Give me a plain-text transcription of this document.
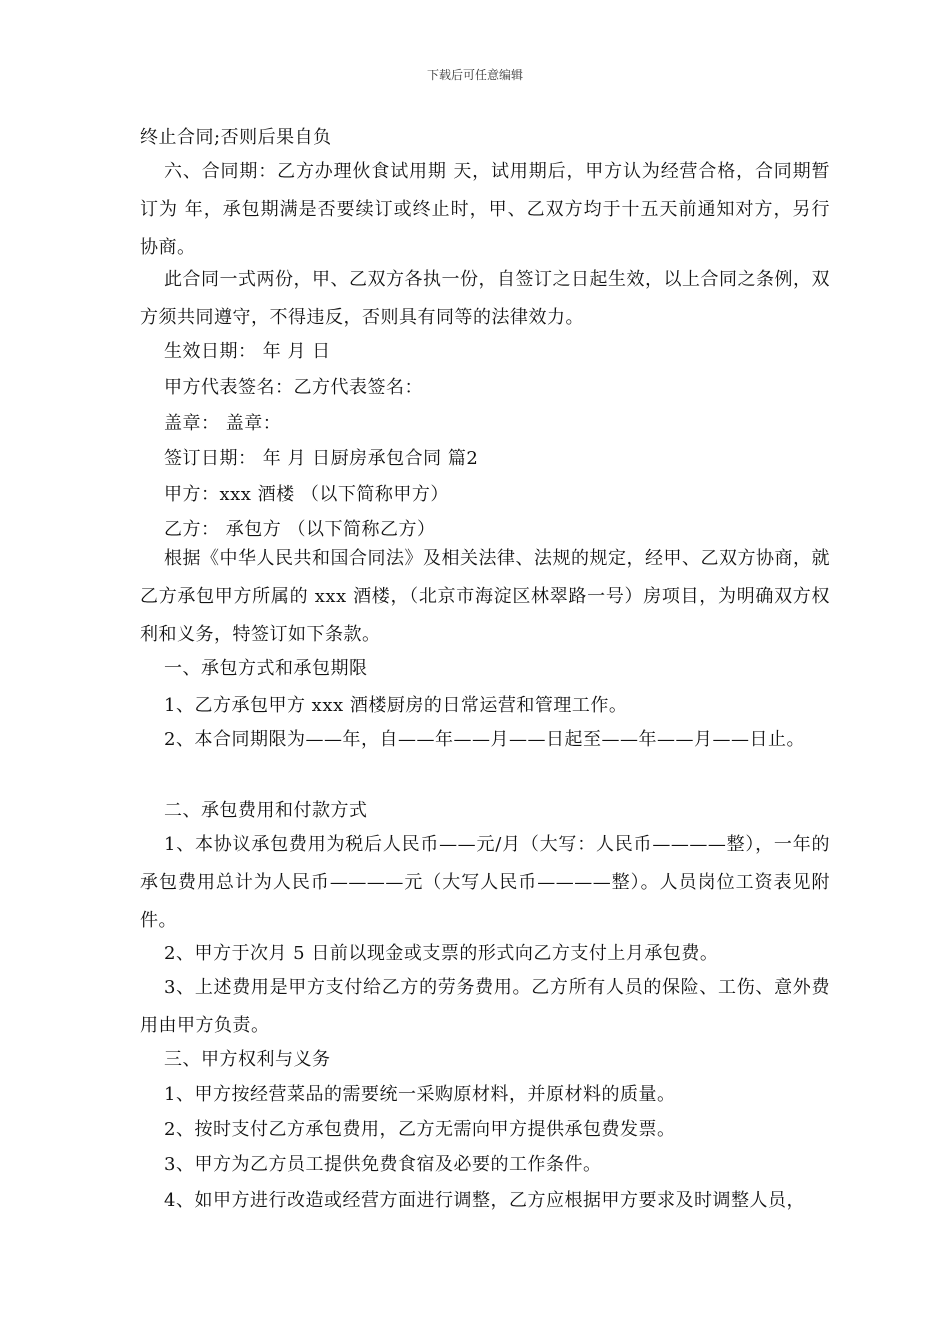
下载后可任意编辑

终止合同;否则后果自负

六、合同期：乙方办理伙食试用期 天，试用期后，甲方认为经营合格，合同期暂订为 年，承包期满是否要续订或终止时，甲、乙双方均于十五天前通知对方，另行协商。

此合同一式两份，甲、乙双方各执一份，自签订之日起生效，以上合同之条例，双方须共同遵守，不得违反，否则具有同等的法律效力。

生效日期： 年 月 日

甲方代表签名：乙方代表签名：

盖章： 盖章：

签订日期： 年 月 日厨房承包合同 篇2

甲方：xxx 酒楼 （以下简称甲方）

乙方： 承包方 （以下简称乙方）

根据《中华人民共和国合同法》及相关法律、法规的规定，经甲、乙双方协商，就乙方承包甲方所属的 xxx 酒楼，（北京市海淀区林翠路一号）房项目，为明确双方权利和义务，特签订如下条款。

一、承包方式和承包期限

1、乙方承包甲方 xxx 酒楼厨房的日常运营和管理工作。

2、本合同期限为——年，自——年——月——日起至——年——月——日止。

二、承包费用和付款方式

1、本协议承包费用为税后人民币——元/月（大写：人民币————整），一年的承包费用总计为人民币————元（大写人民币————整）。人员岗位工资表见附件。

2、甲方于次月 5 日前以现金或支票的形式向乙方支付上月承包费。

3、上述费用是甲方支付给乙方的劳务费用。乙方所有人员的保险、工伤、意外费用由甲方负责。

三、甲方权利与义务

1、甲方按经营菜品的需要统一采购原材料，并原材料的质量。

2、按时支付乙方承包费用，乙方无需向甲方提供承包费发票。

3、甲方为乙方员工提供免费食宿及必要的工作条件。

4、如甲方进行改造或经营方面进行调整，乙方应根据甲方要求及时调整人员，
